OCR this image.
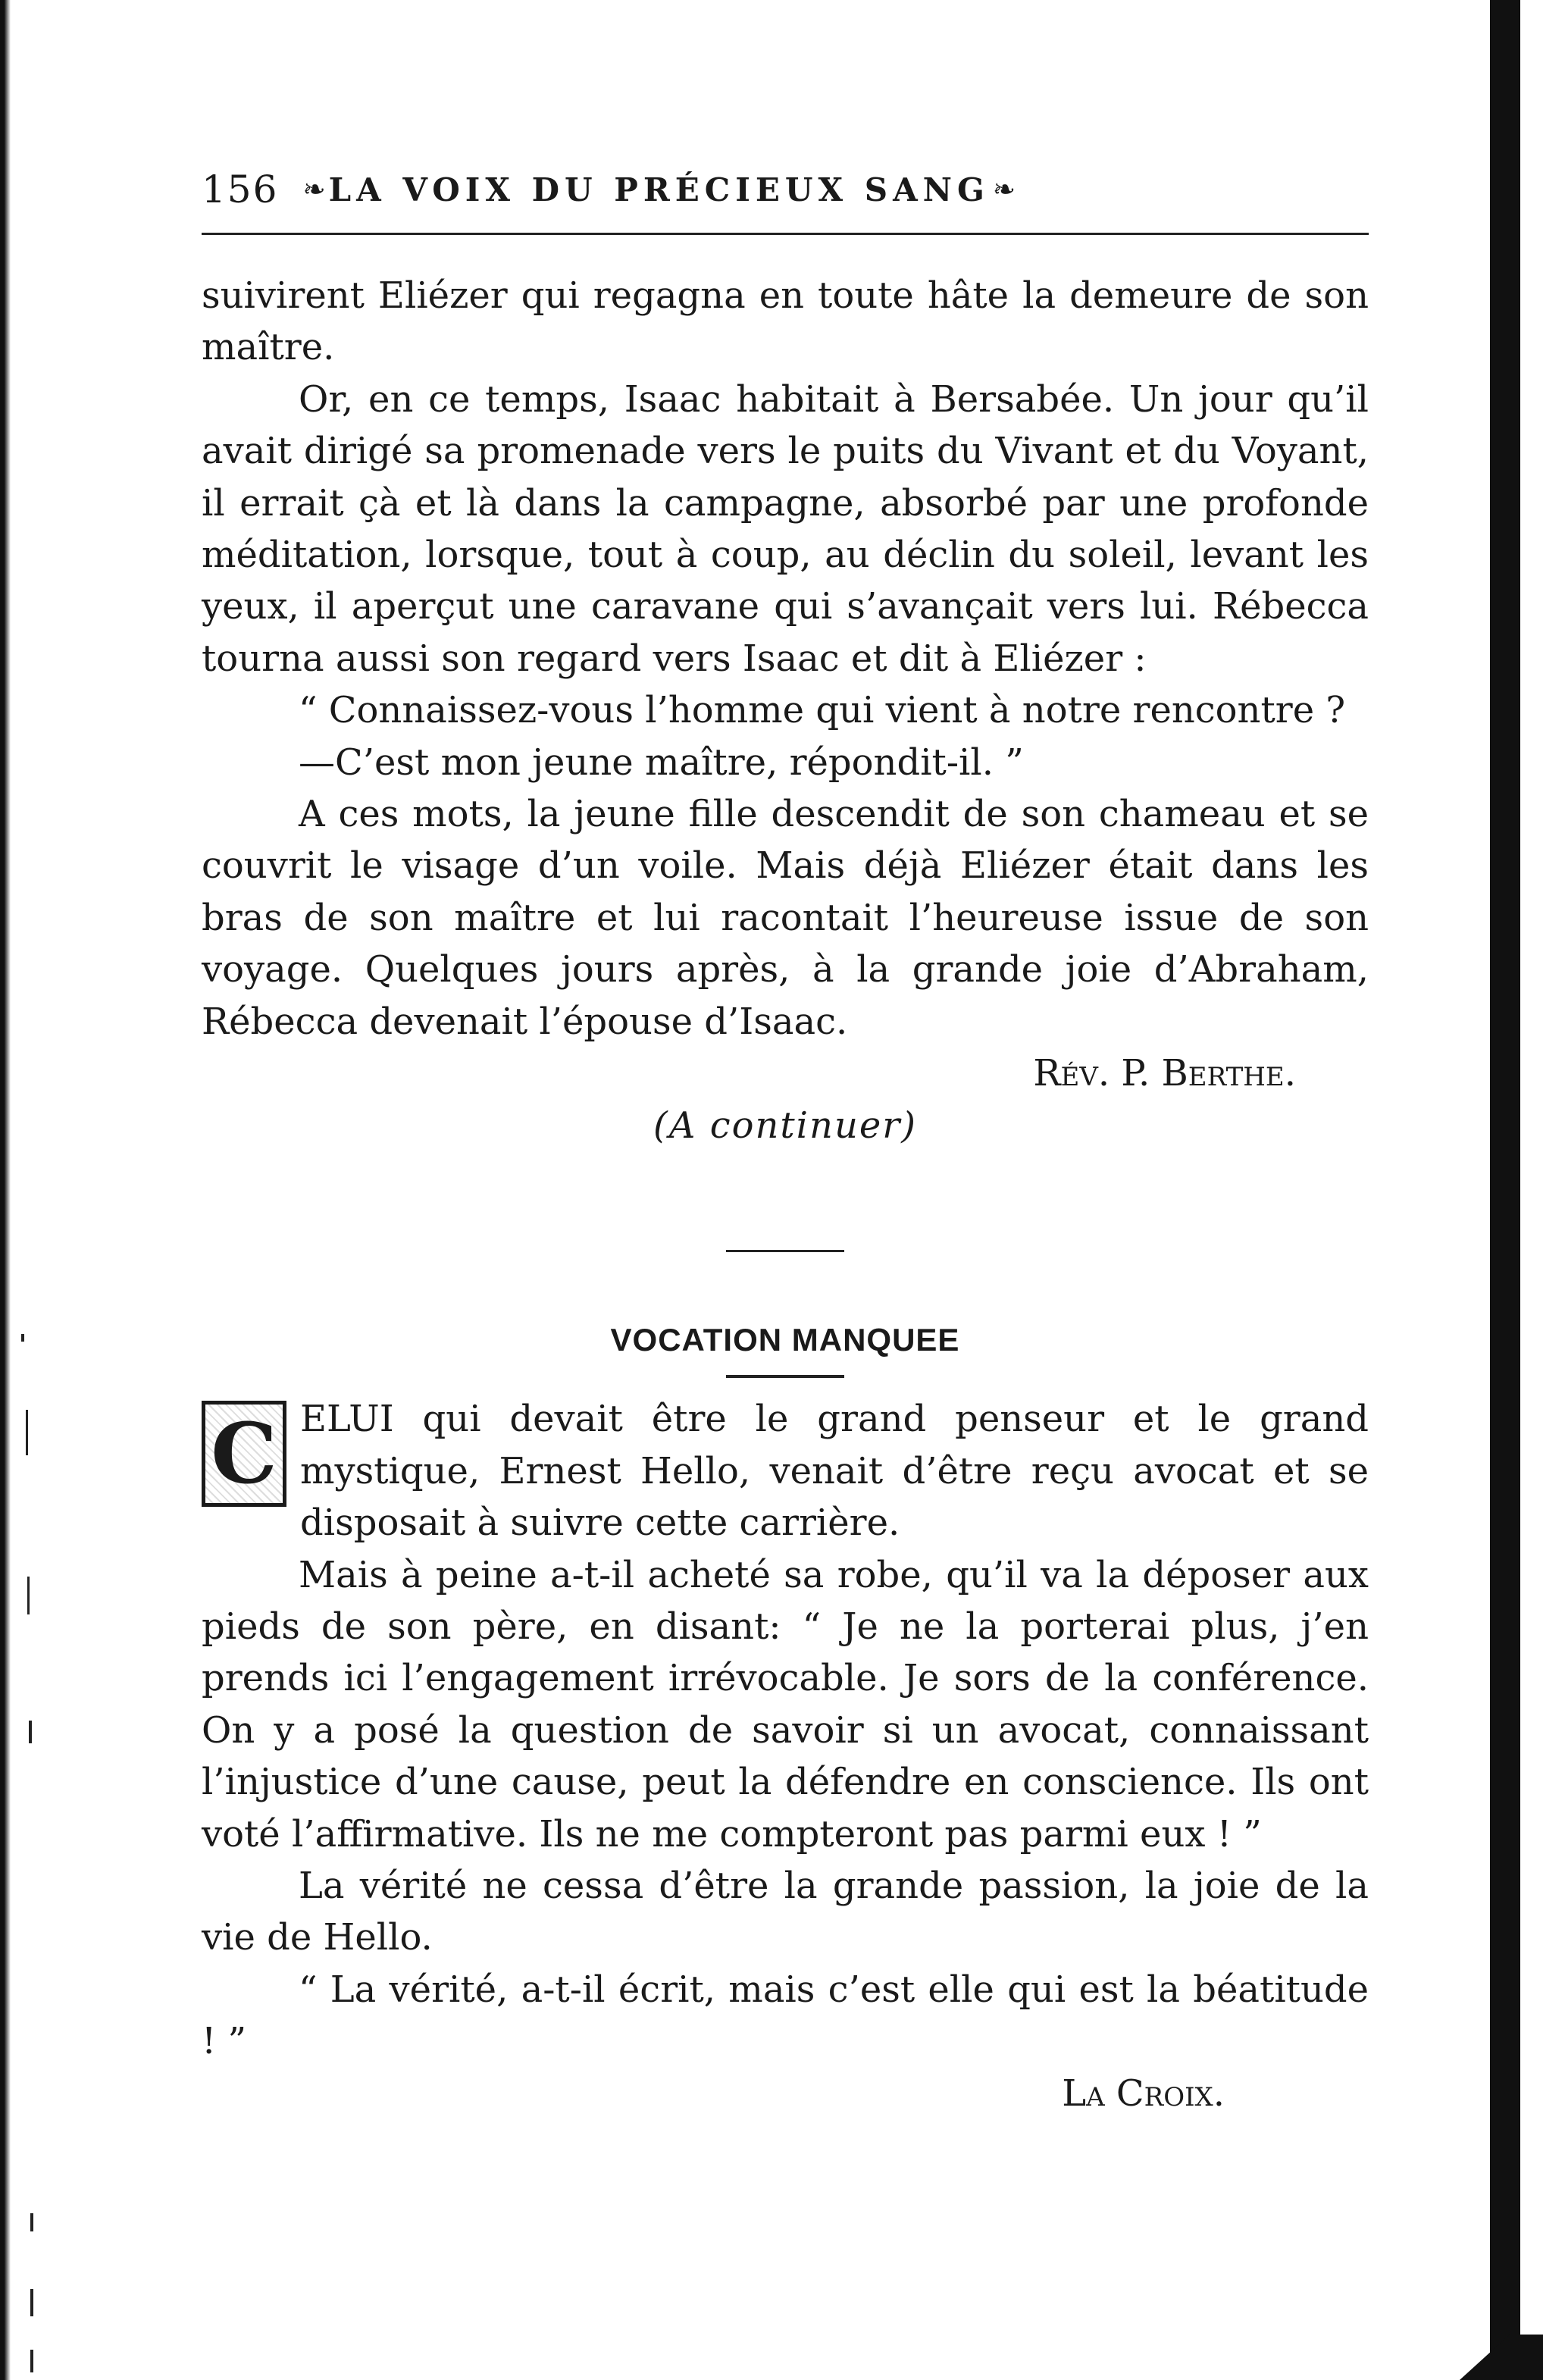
156 ❧ LA VOIX DU PRÉCIEUX SANG ❧

suivirent Eliézer qui regagna en toute hâte la demeure de son maître.

Or, en ce temps, Isaac habitait à Bersabée. Un jour qu’il avait dirigé sa promenade vers le puits du Vivant et du Voyant, il errait çà et là dans la campagne, absorbé par une profonde méditation, lorsque, tout à coup, au déclin du soleil, levant les yeux, il aperçut une caravane qui s’avançait vers lui. Rébecca tourna aussi son regard vers Isaac et dit à Eliézer :

“ Connaissez-vous l’homme qui vient à notre rencontre ?

—C’est mon jeune maître, répondit-il. ”

A ces mots, la jeune fille descendit de son chameau et se couvrit le visage d’un voile. Mais déjà Eliézer était dans les bras de son maître et lui racontait l’heureuse issue de son voyage. Quelques jours après, à la grande joie d’Abraham, Rébecca devenait l’épouse d’Isaac.

Rév. P. Berthe.

(A continuer)

VOCATION MANQUEE
C ELUI qui devait être le grand penseur et le grand mystique, Ernest Hello, venait d’être reçu avocat et se disposait à suivre cette carrière.

Mais à peine a-t-il acheté sa robe, qu’il va la déposer aux pieds de son père, en disant: “ Je ne la porterai plus, j’en prends ici l’engagement irrévocable. Je sors de la conférence. On y a posé la question de savoir si un avocat, connaissant l’injustice d’une cause, peut la défendre en conscience. Ils ont voté l’affirmative. Ils ne me compteront pas parmi eux ! ”

La vérité ne cessa d’être la grande passion, la joie de la vie de Hello.

“ La vérité, a-t-il écrit, mais c’est elle qui est la béatitude ! ”

La Croix.
